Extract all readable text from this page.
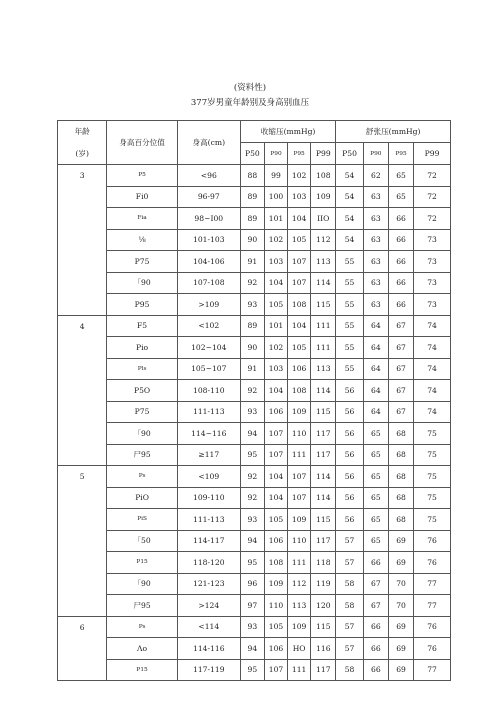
(资料性)
377岁男童年龄别及身高别血压
年龄
(岁)	身高百分位值	身高(cm)	收缩压(mmHg)				舒张压(mmHg)			
			P50	P90	P95	P99	P50	P90	P95	P99
3	P5	<96	88	99	102	108	54	62	65	72
	Fi0	96-97	89	100	103	109	54	63	65	72
	Fia	98~I00	89	101	104	IIO	54	63	66	72
	⅛	101-103	90	102	105	112	54	63	66	73
	P75	104-106	91	103	107	113	55	63	66	73
	「90	107-108	92	104	107	114	55	63	66	73
	P95	>109	93	105	108	115	55	63	66	73
4	F5	<102	89	101	104	111	55	64	67	74
	Pio	102~104	90	102	105	111	55	64	67	74
	Pls	105~107	91	103	106	113	55	64	67	74
	P5O	108-110	92	104	108	114	56	64	67	74
	P75	111-113	93	106	109	115	56	64	67	74
	「90	114~116	94	107	110	117	56	65	68	75
	尸95	≥117	95	107	111	117	56	65	68	75
5	Ps	<109	92	104	107	114	56	65	68	75
	PiO	109-110	92	104	107	114	56	65	68	75
	PiS	111-113	93	105	109	115	56	65	68	75
	「50	114-117	94	106	110	117	57	65	69	76
	P15	118-120	95	108	111	118	57	66	69	76
	「90	121-123	96	109	112	119	58	67	70	77
	尸95	>124	97	110	113	120	58	67	70	77
6	Ps	<114	93	105	109	115	57	66	69	76
	Λo	114-116	94	106	HO	116	57	66	69	76
	P15	117-119	95	107	111	117	58	66	69	77
